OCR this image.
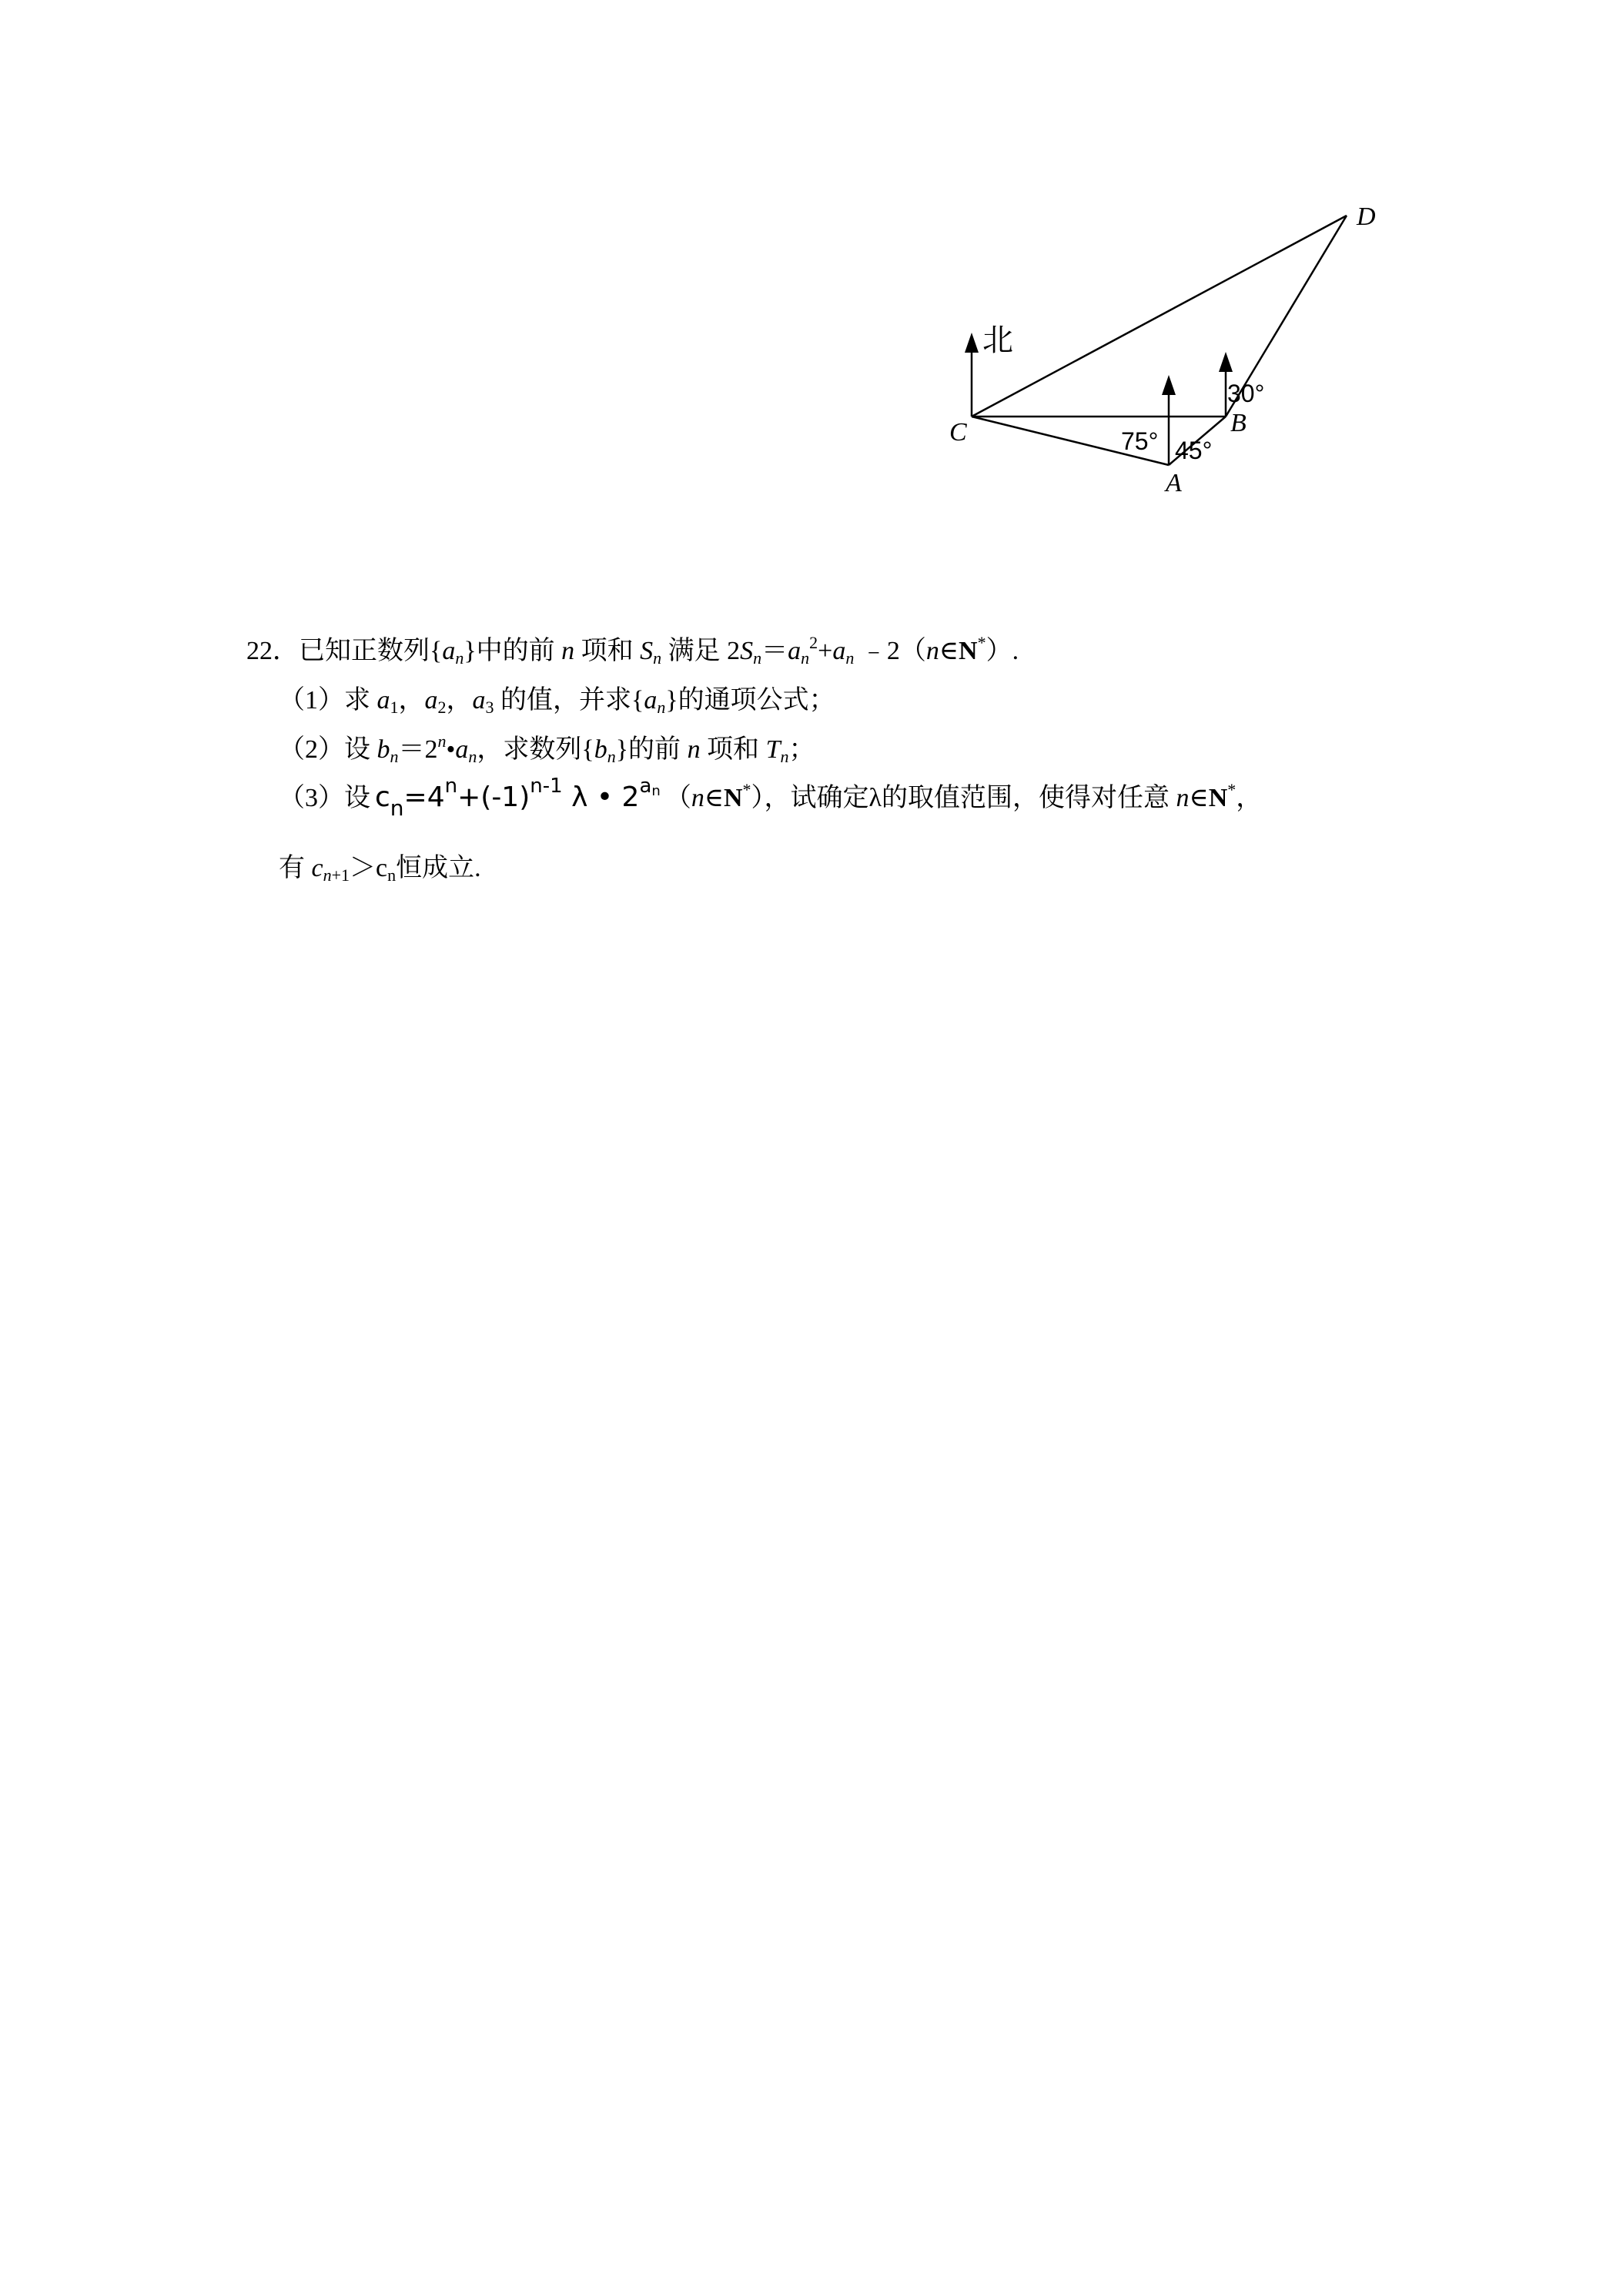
北
D
C	B
A
75° 45°
30°
22．已知正数列$\{a_n\}$中的前 n 项和 $S_n$ 满足 $2S_n=a_n^2+a_n$ ﹣2（n∈N*）.
（1）求 $a_1$，$a_2$，$a_3$ 的值，并求$\{a_n\}$的通项公式；
（2）设 $b_n=2^n•a_n$，求数列$\{b_n\}$的前 n 项和 $T_n$；
（3）设 $c_n=4^n+(-1)^{n-1}$ λ • $2^{a_n}$ （n∈N*），试确定λ的取值范围，使得对任意 n∈N*，
有 $c_{n+1}>c_n$恒成立.
